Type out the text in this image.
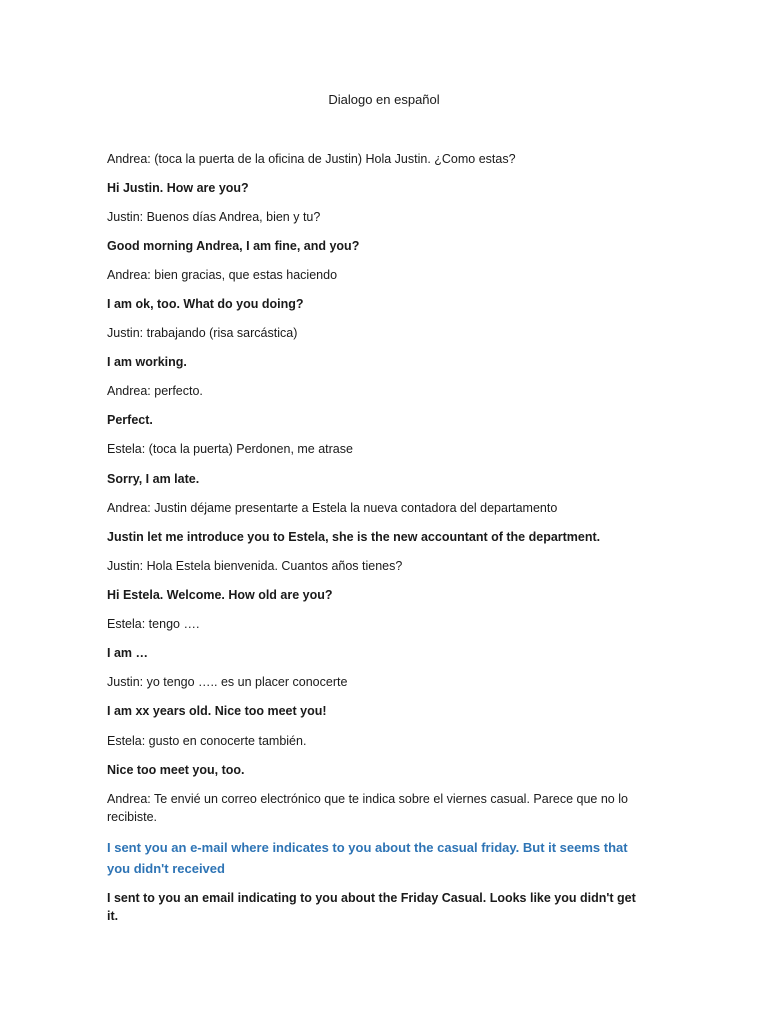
Dialogo en español
Andrea: (toca la puerta de la oficina de Justin) Hola Justin. ¿Como estas?
Hi Justin. How are you?
Justin: Buenos días Andrea, bien y tu?
Good morning Andrea, I am fine, and you?
Andrea: bien gracias, que estas haciendo
I am ok, too. What do you doing?
Justin: trabajando (risa sarcástica)
I am working.
Andrea: perfecto.
Perfect.
Estela: (toca la puerta) Perdonen, me atrase
Sorry, I am late.
Andrea: Justin déjame presentarte a Estela la nueva contadora del departamento
Justin let me introduce you to Estela, she is the new accountant of the department.
Justin: Hola Estela bienvenida. Cuantos años tienes?
Hi Estela. Welcome. How old are you?
Estela: tengo ….
I am …
Justin: yo tengo ….. es un placer conocerte
I am xx years old. Nice too meet you!
Estela: gusto en conocerte también.
Nice too meet you, too.
Andrea: Te envié un correo electrónico que te indica sobre el viernes casual. Parece que no lo recibiste.
I sent you an e-mail where indicates to you about the casual friday. But it seems that you didn't received
I sent to you an email indicating to you about the Friday Casual. Looks like you didn't get it.
